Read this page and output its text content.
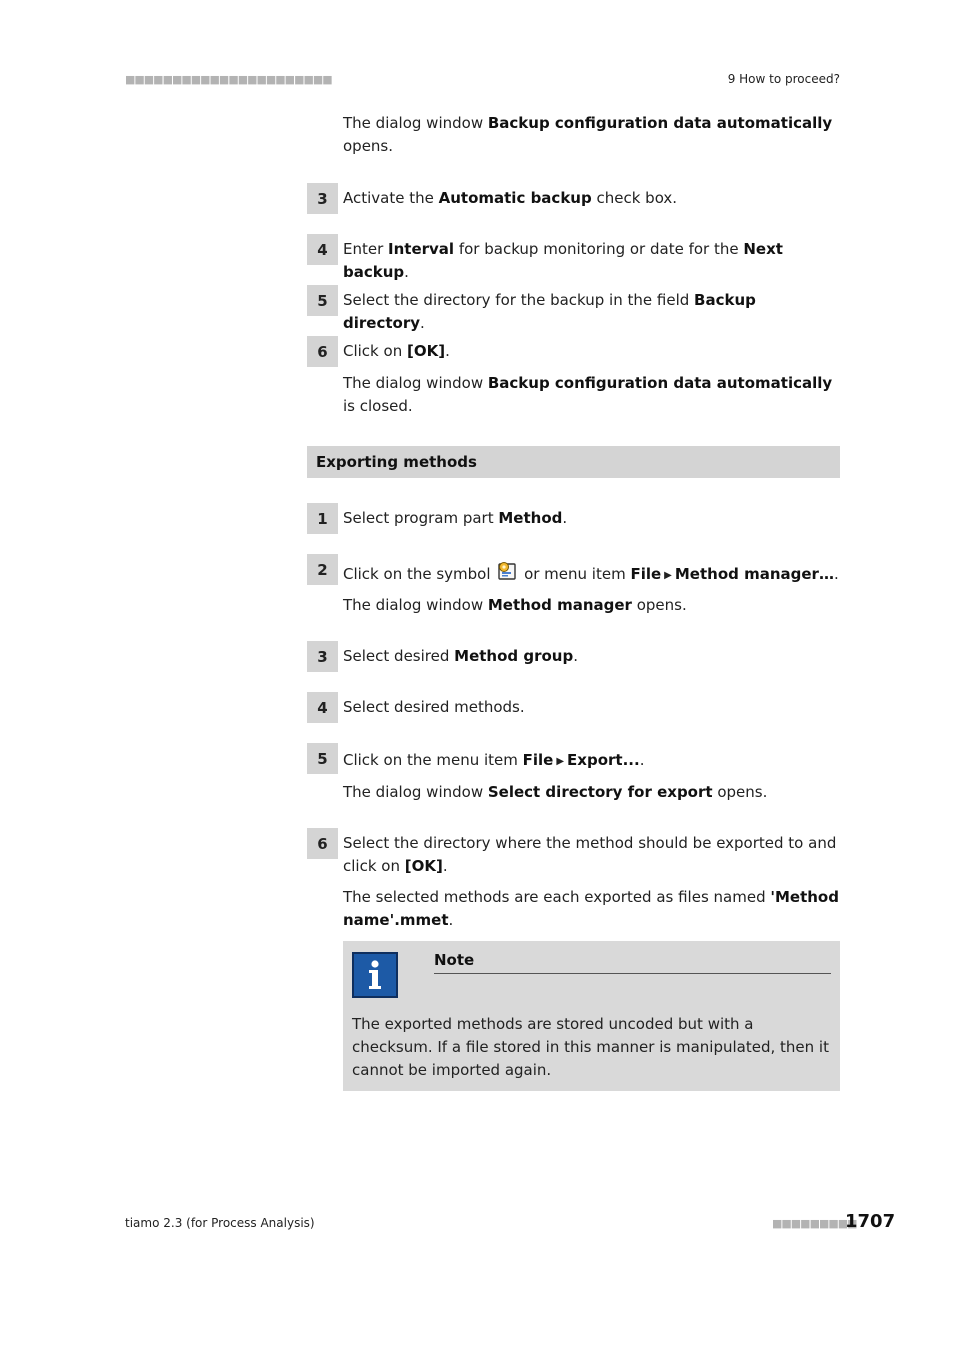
■■■■■■■■■■■■■■■■■■■■■■	9 How to proceed?
The dialog window Backup configuration data automatically opens.
3	Activate the Automatic backup check box.
4	Enter Interval for backup monitoring or date for the Next backup.
5	Select the directory for the backup in the field Backup directory.
6	Click on [OK].
The dialog window Backup configuration data automatically is closed.
Exporting methods
1	Select program part Method.
2	Click on the symbol  or menu item File ▶ Method manager….
The dialog window Method manager opens.
3	Select desired Method group.
4	Select desired methods.
5	Click on the menu item File ▶ Export....
The dialog window Select directory for export opens.
6	Select the directory where the method should be exported to and click on [OK].
The selected methods are each exported as files named 'Method name'.mmet.
Note
The exported methods are stored uncoded but with a checksum. If a file stored in this manner is manipulated, then it cannot be imported again.
tiamo 2.3 (for Process Analysis)	■■■■■■■■■
1707
